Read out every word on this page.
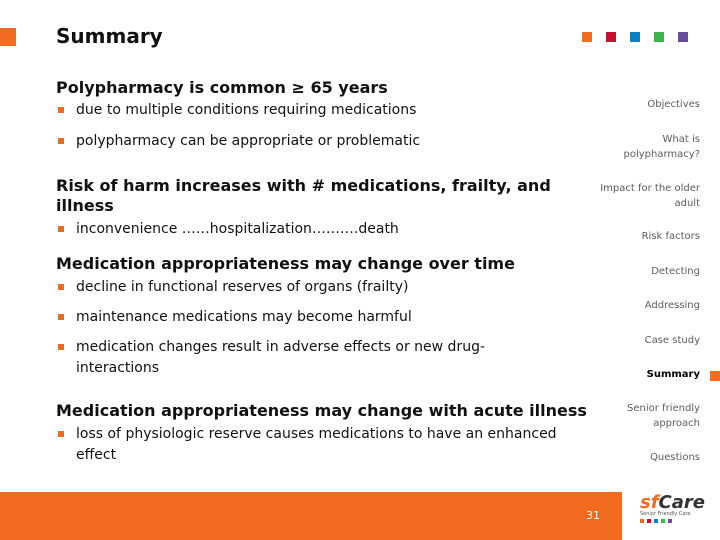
Summary
Polypharmacy is common ≥ 65 years
due to multiple conditions requiring medications
polypharmacy can be appropriate or problematic
Risk of harm increases with # medications, frailty, and illness
inconvenience ……hospitalization……….death
Medication appropriateness may change over time
decline in functional reserves of organs (frailty)
maintenance medications may become harmful
medication changes result in adverse effects or new drug-interactions
Medication appropriateness may change with acute illness
loss of physiologic reserve causes medications to have an enhanced effect
Objectives
What is polypharmacy?
Impact for the older adult
Risk factors
Detecting
Addressing
Case study
Summary
Senior friendly approach
Questions
31
sfCare
Senior Friendly Care
